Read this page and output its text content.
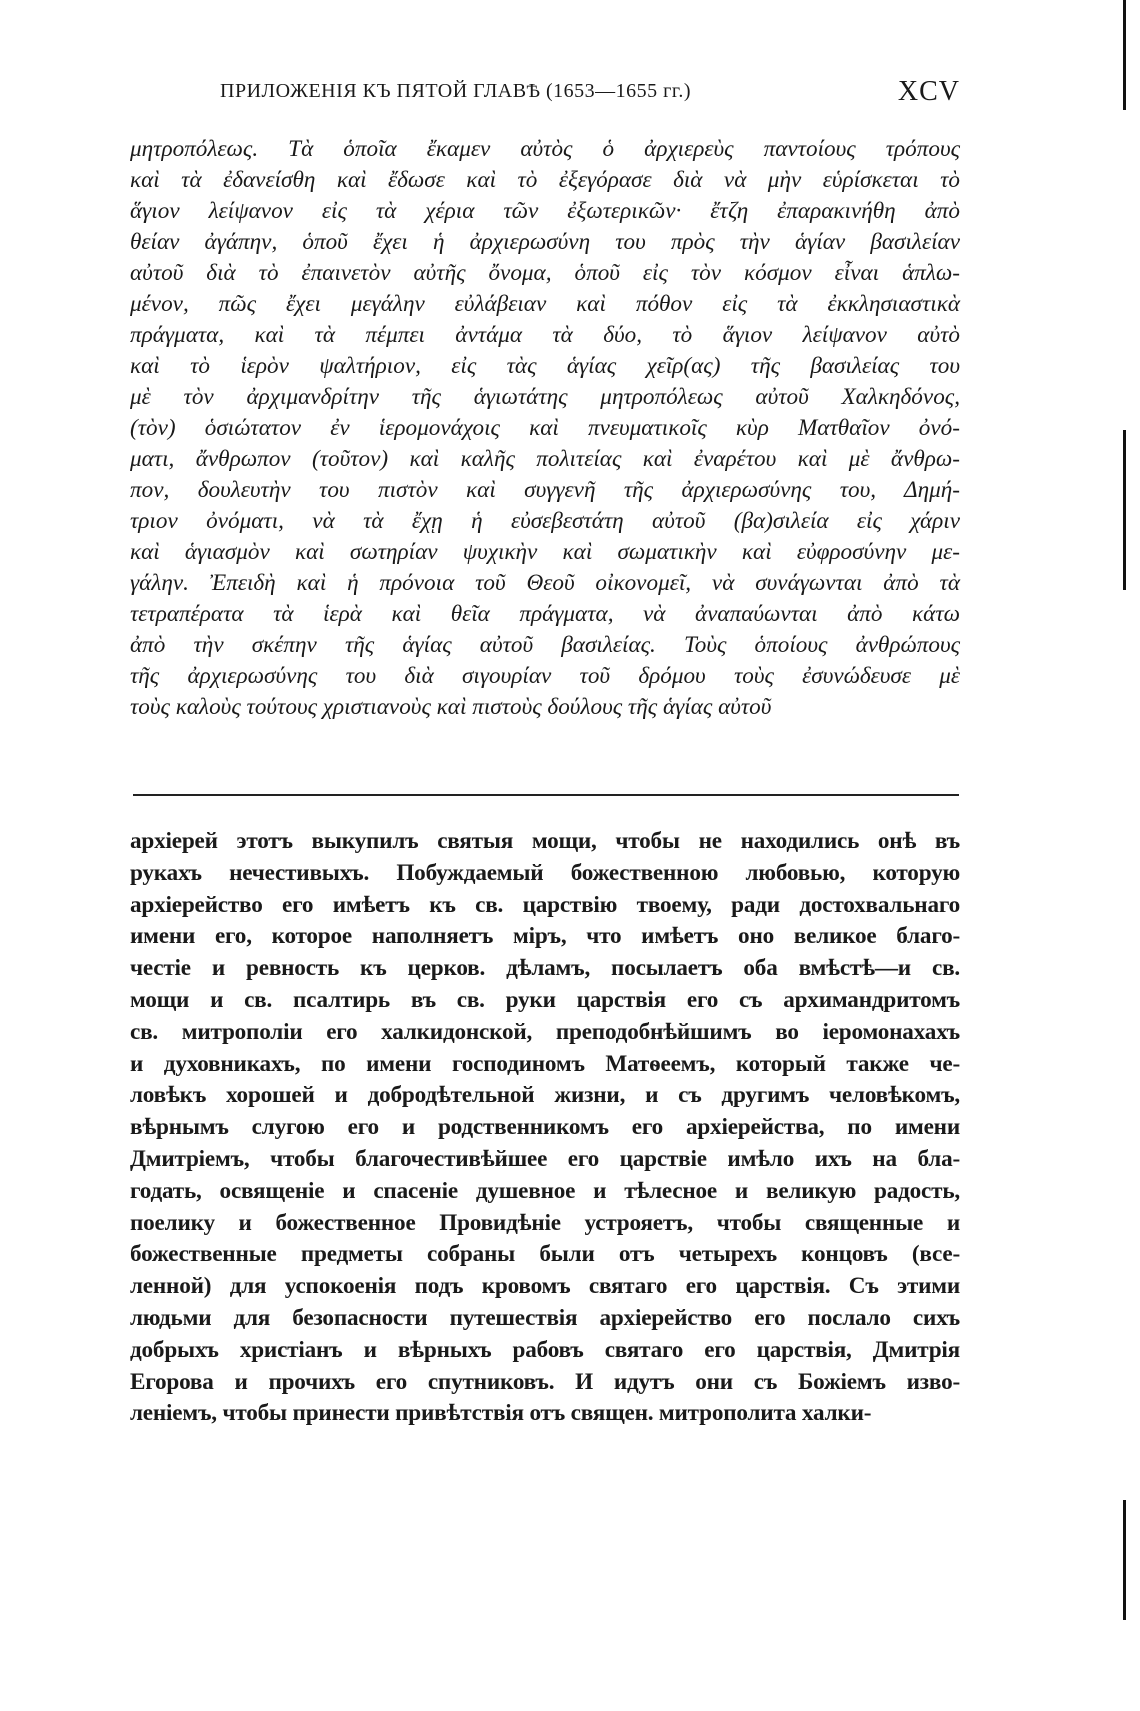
ПРИЛОЖЕНІЯ КЪ ПЯТОЙ ГЛАВѢ (1653—1655 гг.)	XCV
μητροπόλεως. Τὰ ὁποῖα ἔκαμεν αὐτὸς ὁ ἀρχιερεὺς παντοίους τρόπους
καὶ τὰ ἐδανείσθη καὶ ἔδωσε καὶ τὸ ἐξεγόρασε διὰ νὰ μὴν εὑρίσκεται τὸ
ἅγιον λείψανον εἰς τὰ χέρια τῶν ἐξωτερικῶν· ἔτζη ἐπαρακινήθη ἀπὸ
θείαν ἀγάπην, ὁποῦ ἔχει ἡ ἀρχιερωσύνη του πρὸς τὴν ἁγίαν βασιλείαν
αὐτοῦ διὰ τὸ ἐπαινετὸν αὐτῆς ὄνομα, ὁποῦ εἰς τὸν κόσμον εἶναι ἁπλω-
μένον, πῶς ἔχει μεγάλην εὐλάβειαν καὶ πόθον εἰς τὰ ἐκκλησιαστικὰ
πράγματα, καὶ τὰ πέμπει ἀντάμα τὰ δύο, τὸ ἅγιον λείψανον αὐτὸ
καὶ τὸ ἱερὸν ψαλτήριον, εἰς τὰς ἁγίας χεῖρ(ας) τῆς βασιλείας του
μὲ τὸν ἀρχιμανδρίτην τῆς ἁγιωτάτης μητροπόλεως αὐτοῦ Χαλκηδόνος,
(τὸν) ὁσιώτατον ἐν ἱερομονάχοις καὶ πνευματικοῖς κὺρ Ματθαῖον ὀνό-
ματι, ἄνθρωπον (τοῦτον) καὶ καλῆς πολιτείας καὶ ἐναρέτου καὶ μὲ ἄνθρω-
πον, δουλευτὴν του πιστὸν καὶ συγγενῆ τῆς ἀρχιερωσύνης του, Δημή-
τριον ὀνόματι, νὰ τὰ ἔχῃ ἡ εὐσεβεστάτη αὐτοῦ (βα)σιλεία εἰς χάριν
καὶ ἁγιασμὸν καὶ σωτηρίαν ψυχικὴν καὶ σωματικὴν καὶ εὐφροσύνην με-
γάλην. Ἐπειδὴ καὶ ἡ πρόνοια τοῦ Θεοῦ οἰκονομεῖ, νὰ συνάγωνται ἀπὸ τὰ
τετραπέρατα τὰ ἱερὰ καὶ θεῖα πράγματα, νὰ ἀναπαύωνται ἀπὸ κάτω
ἀπὸ τὴν σκέπην τῆς ἁγίας αὐτοῦ βασιλείας. Τοὺς ὁποίους ἀνθρώπους
τῆς ἀρχιερωσύνης του διὰ σιγουρίαν τοῦ δρόμου τοὺς ἐσυνώδευσε μὲ
τοὺς καλοὺς τούτους χριστιανοὺς καὶ πιστοὺς δούλους τῆς ἁγίας αὐτοῦ
архіерей этотъ выкупилъ святыя мощи, чтобы не находились онѣ въ
рукахъ нечестивыхъ. Побуждаемый божественною любовью, которую
архіерейство его имѣетъ къ св. царствію твоему, ради достохвальнаго
имени его, которое наполняетъ міръ, что имѣетъ оно великое благо-
честіе и ревность къ церков. дѣламъ, посылаетъ оба вмѣстѣ—и св.
мощи и св. псалтирь въ св. руки царствія его съ архимандритомъ
св. митрополіи его халкидонской, преподобнѣйшимъ во іеромонахахъ
и духовникахъ, по имени господиномъ Матѳеемъ, который также че-
ловѣкъ хорошей и добродѣтельной жизни, и съ другимъ человѣкомъ,
вѣрнымъ слугою его и родственникомъ его архіерейства, по имени
Дмитріемъ, чтобы благочестивѣйшее его царствіе имѣло ихъ на бла-
годать, освященіе и спасеніе душевное и тѣлесное и великую радость,
поелику и божественное Провидѣніе устрояетъ, чтобы священные и
божественные предметы собраны были отъ четырехъ концовъ (все-
ленной) для успокоенія подъ кровомъ святаго его царствія. Съ этими
людьми для безопасности путешествія архіерейство его послало сихъ
добрыхъ христіанъ и вѣрныхъ рабовъ святаго его царствія, Дмитрія
Егорова и прочихъ его спутниковъ. И идутъ они съ Божіемъ изво-
леніемъ, чтобы принести привѣтствія отъ священ. митрополита халки-
